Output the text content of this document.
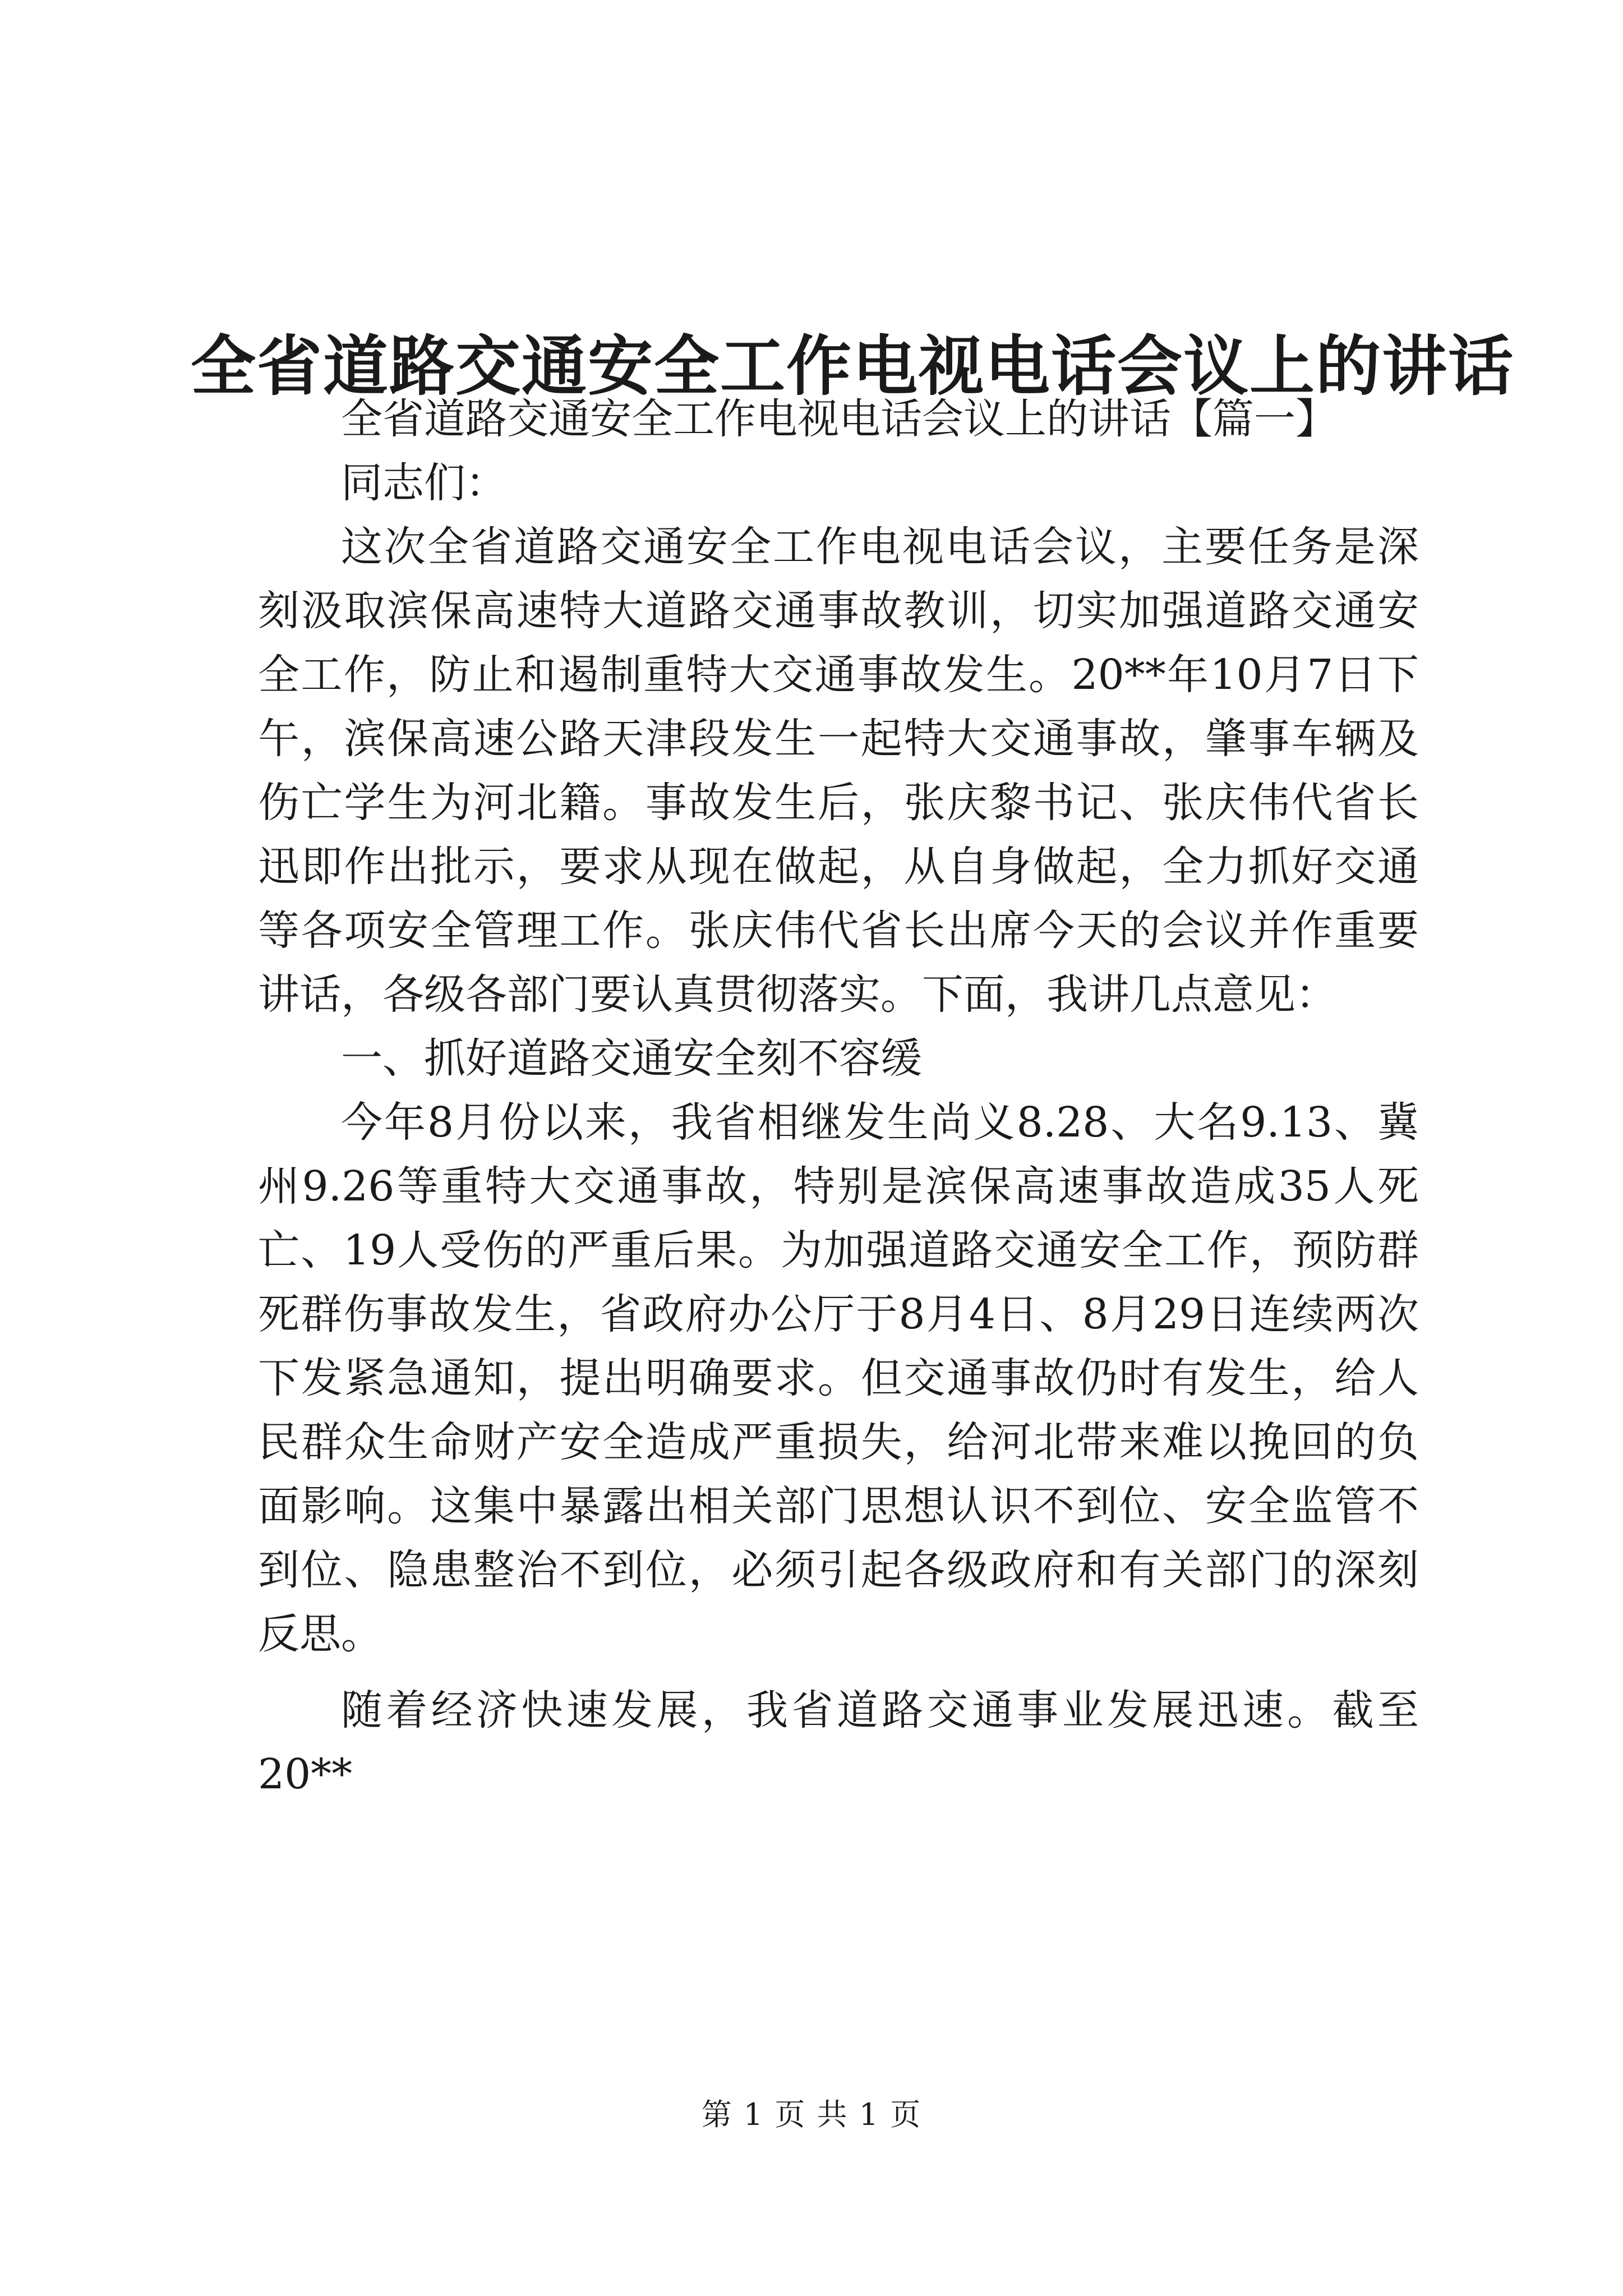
全省道路交通安全工作电视电话会议上的讲话

全省道路交通安全工作电视电话会议上的讲话【篇一】

同志们：

这次全省道路交通安全工作电视电话会议，主要任务是深刻汲取滨保高速特大道路交通事故教训，切实加强道路交通安全工作，防止和遏制重特大交通事故发生。20**年10月7日下午，滨保高速公路天津段发生一起特大交通事故，肇事车辆及伤亡学生为河北籍。事故发生后，张庆黎书记、张庆伟代省长迅即作出批示，要求从现在做起，从自身做起，全力抓好交通等各项安全管理工作。张庆伟代省长出席今天的会议并作重要讲话，各级各部门要认真贯彻落实。下面，我讲几点意见：

一、抓好道路交通安全刻不容缓

今年8月份以来，我省相继发生尚义8.28、大名9.13、冀州9.26等重特大交通事故，特别是滨保高速事故造成35人死亡、19人受伤的严重后果。为加强道路交通安全工作，预防群死群伤事故发生，省政府办公厅于8月4日、8月29日连续两次下发紧急通知，提出明确要求。但交通事故仍时有发生，给人民群众生命财产安全造成严重损失，给河北带来难以挽回的负面影响。这集中暴露出相关部门思想认识不到位、安全监管不到位、隐患整治不到位，必须引起各级政府和有关部门的深刻反思。

随着经济快速发展，我省道路交通事业发展迅速。截至20**

第 1 页 共 1 页
